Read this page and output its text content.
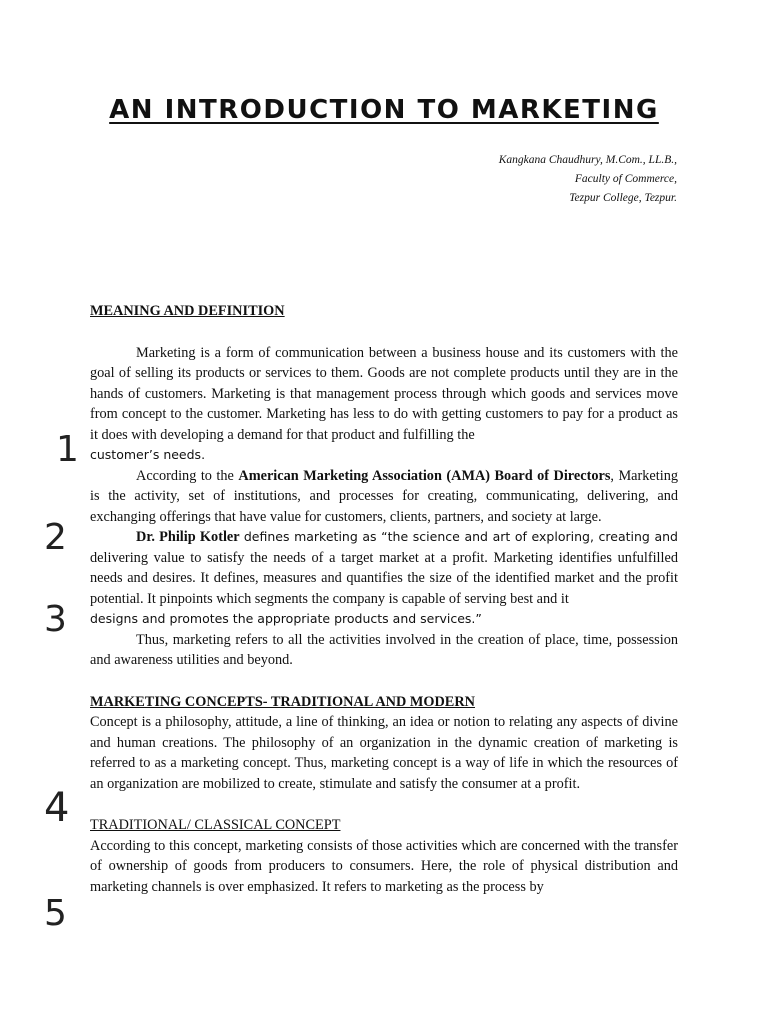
AN INTRODUCTION TO MARKETING
Kangkana Chaudhury, M.Com., LL.B.,
Faculty of Commerce,
Tezpur College, Tezpur.
1
2
3
4
5

MEANING AND DEFINITION

Marketing is a form of communication between a business house and its customers with the goal of selling its products or services to them. Goods are not complete products until they are in the hands of customers. Marketing is that management process through which goods and services move from concept to the customer. Marketing has less to do with getting customers to pay for a product as it does with developing a demand for that product and fulfilling the
customer’s needs.

According to the American Marketing Association (AMA) Board of Directors, Marketing is the activity, set of institutions, and processes for creating, communicating, delivering, and exchanging offerings that have value for customers, clients, partners, and society at large.

Dr. Philip Kotler defines marketing as “the science and art of exploring, creating and delivering value to satisfy the needs of a target market at a profit. Marketing identifies unfulfilled needs and desires. It defines, measures and quantifies the size of the identified market and the profit potential. It pinpoints which segments the company is capable of serving best and it
designs and promotes the appropriate products and services.”

Thus, marketing refers to all the activities involved in the creation of place, time, possession and awareness utilities and beyond.

MARKETING CONCEPTS- TRADITIONAL AND MODERN

Concept is a philosophy, attitude, a line of thinking, an idea or notion to relating any aspects of divine and human creations. The philosophy of an organization in the dynamic creation of marketing is referred to as a marketing concept. Thus, marketing concept is a way of life in which the resources of an organization are mobilized to create, stimulate and satisfy the consumer at a profit.

TRADITIONAL/ CLASSICAL CONCEPT

According to this concept, marketing consists of those activities which are concerned with the transfer of ownership of goods from producers to consumers. Here, the role of physical distribution and marketing channels is over emphasized. It refers to marketing as the process by
